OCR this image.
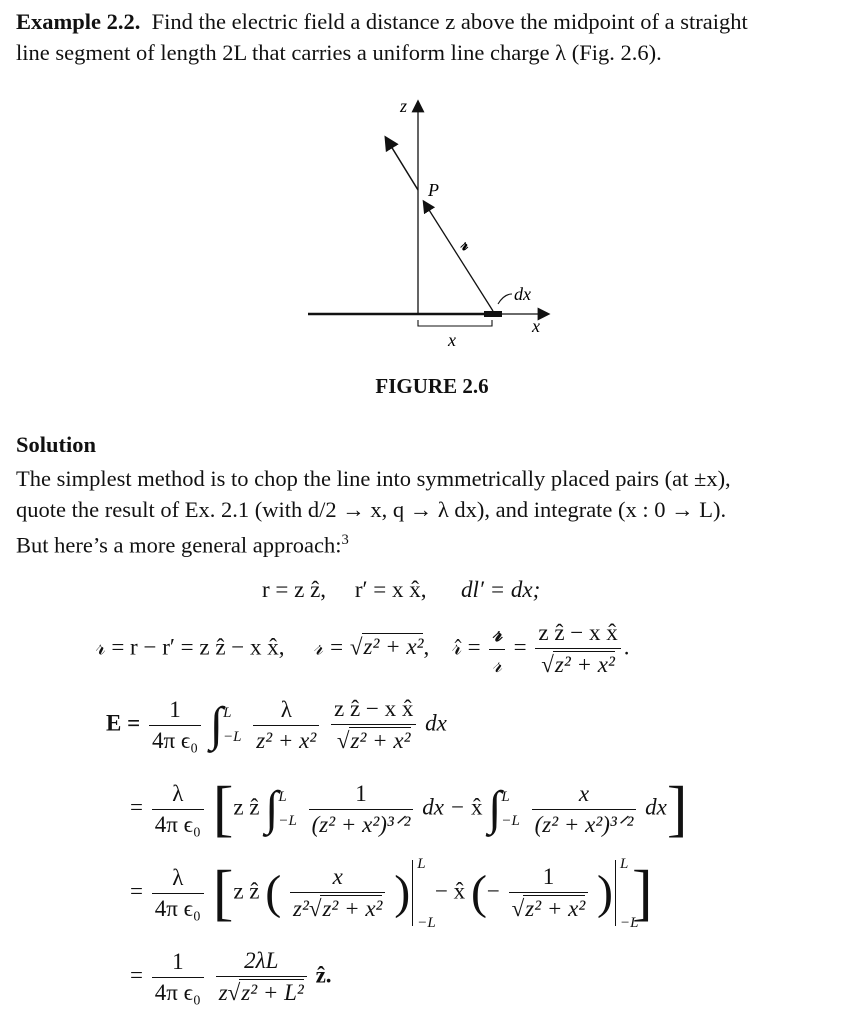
Example 2.2. Find the electric field a distance z above the midpoint of a straight

line segment of length 2L that carries a uniform line charge λ (Fig. 2.6).

z
x
P
𝓇
dx
x
FIGURE 2.6
Solution

The simplest method is to chop the line into symmetrically placed pairs (at ±x),

quote the result of Ex. 2.1 (with d/2 → x, q → λ dx), and integrate (x : 0 → L).

But here’s a more general approach:$^3$

r = z ẑ, r′ = x x̂, dl′ = dx;
𝓇 = r − r′ = z ẑ − x x̂, 𝓇 = √z² + x²,    𝓇̂ = $\frac{\text{𝓇}}{\text{𝓇}} = \frac{\text{z ẑ − x x̂}}{\text{√z² + x²}}$ .
$E = \frac{1}{\text{4π ϵ₀}}$ ∫ L
−L
$\frac{\lambda}{\text{z² + x²}}$
$\frac{\text{z ẑ − x x̂}}{\text{√z² + x²}}$ dx
= $\frac{\lambda}{\text{4π ϵ₀}} [z$ ẑ ∫ L
−L
$\frac{1}{\text{(z² + x²)³ᐟ²}}$ dx − x̂ ∫ L
−L
$\frac{x}{\text{(z² + x²)³ᐟ²}} dx$]
= $\frac{\lambda}{\text{4π ϵ₀}} [z$ ẑ ( $\frac{x}{\text{z²√z² + x²}}$ )
L
−L
− x̂ (− $\frac{1}{\text{√z² + x²}}$ )
L
−L
]
= $\frac{1}{\text{4π ϵ₀}}$
$\frac{2\lambda L}{\text{z√z² + L²}}$ ẑ.
